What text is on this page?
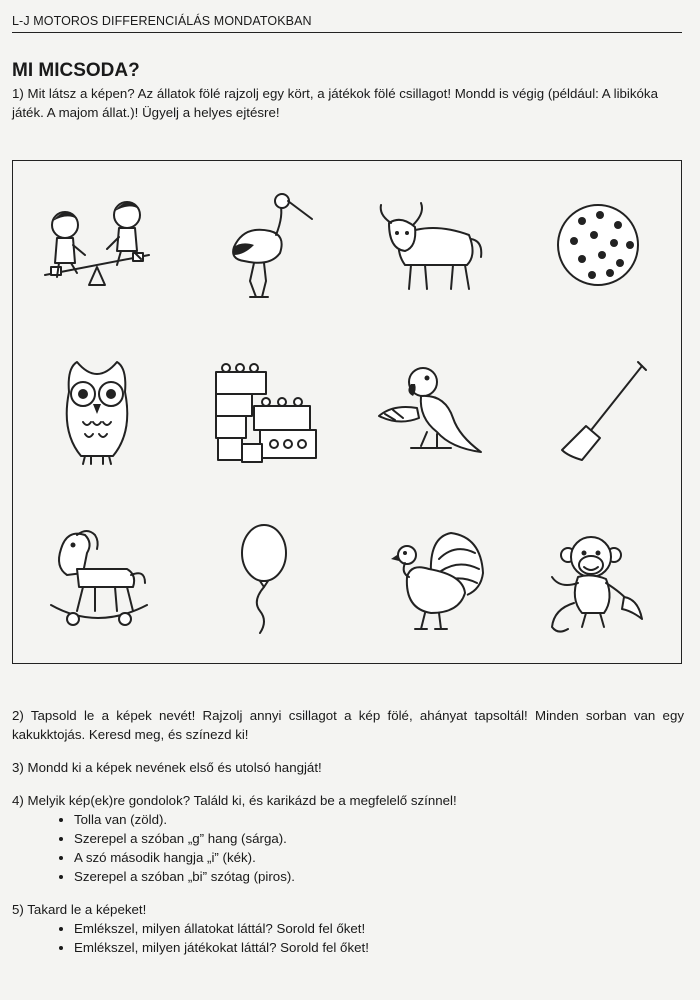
L-J MOTOROS DIFFERENCIÁLÁS MONDATOKBAN
MI MICSODA?
1) Mit látsz a képen? Az állatok fölé rajzolj egy kört, a játékok fölé csillagot! Mondd is végig (például: A libikóka játék. A majom állat.)! Ügyelj a helyes ejtésre!

2) Tapsold le a képek nevét! Rajzolj annyi csillagot a kép fölé, ahányat tapsoltál! Minden sorban van egy kakukktojás. Keresd meg, és színezd ki!

3) Mondd ki a képek nevének első és utolsó hangját!

4) Melyik kép(ek)re gondolok? Találd ki, és karikázd be a megfelelő színnel!

• Tolla van (zöld).
• Szerepel a szóban „g” hang (sárga).
• A szó második hangja „i” (kék).
• Szerepel a szóban „bi” szótag (piros).

5) Takard le a képeket!

• Emlékszel, milyen állatokat láttál? Sorold fel őket!
• Emlékszel, milyen játékokat láttál? Sorold fel őket!
